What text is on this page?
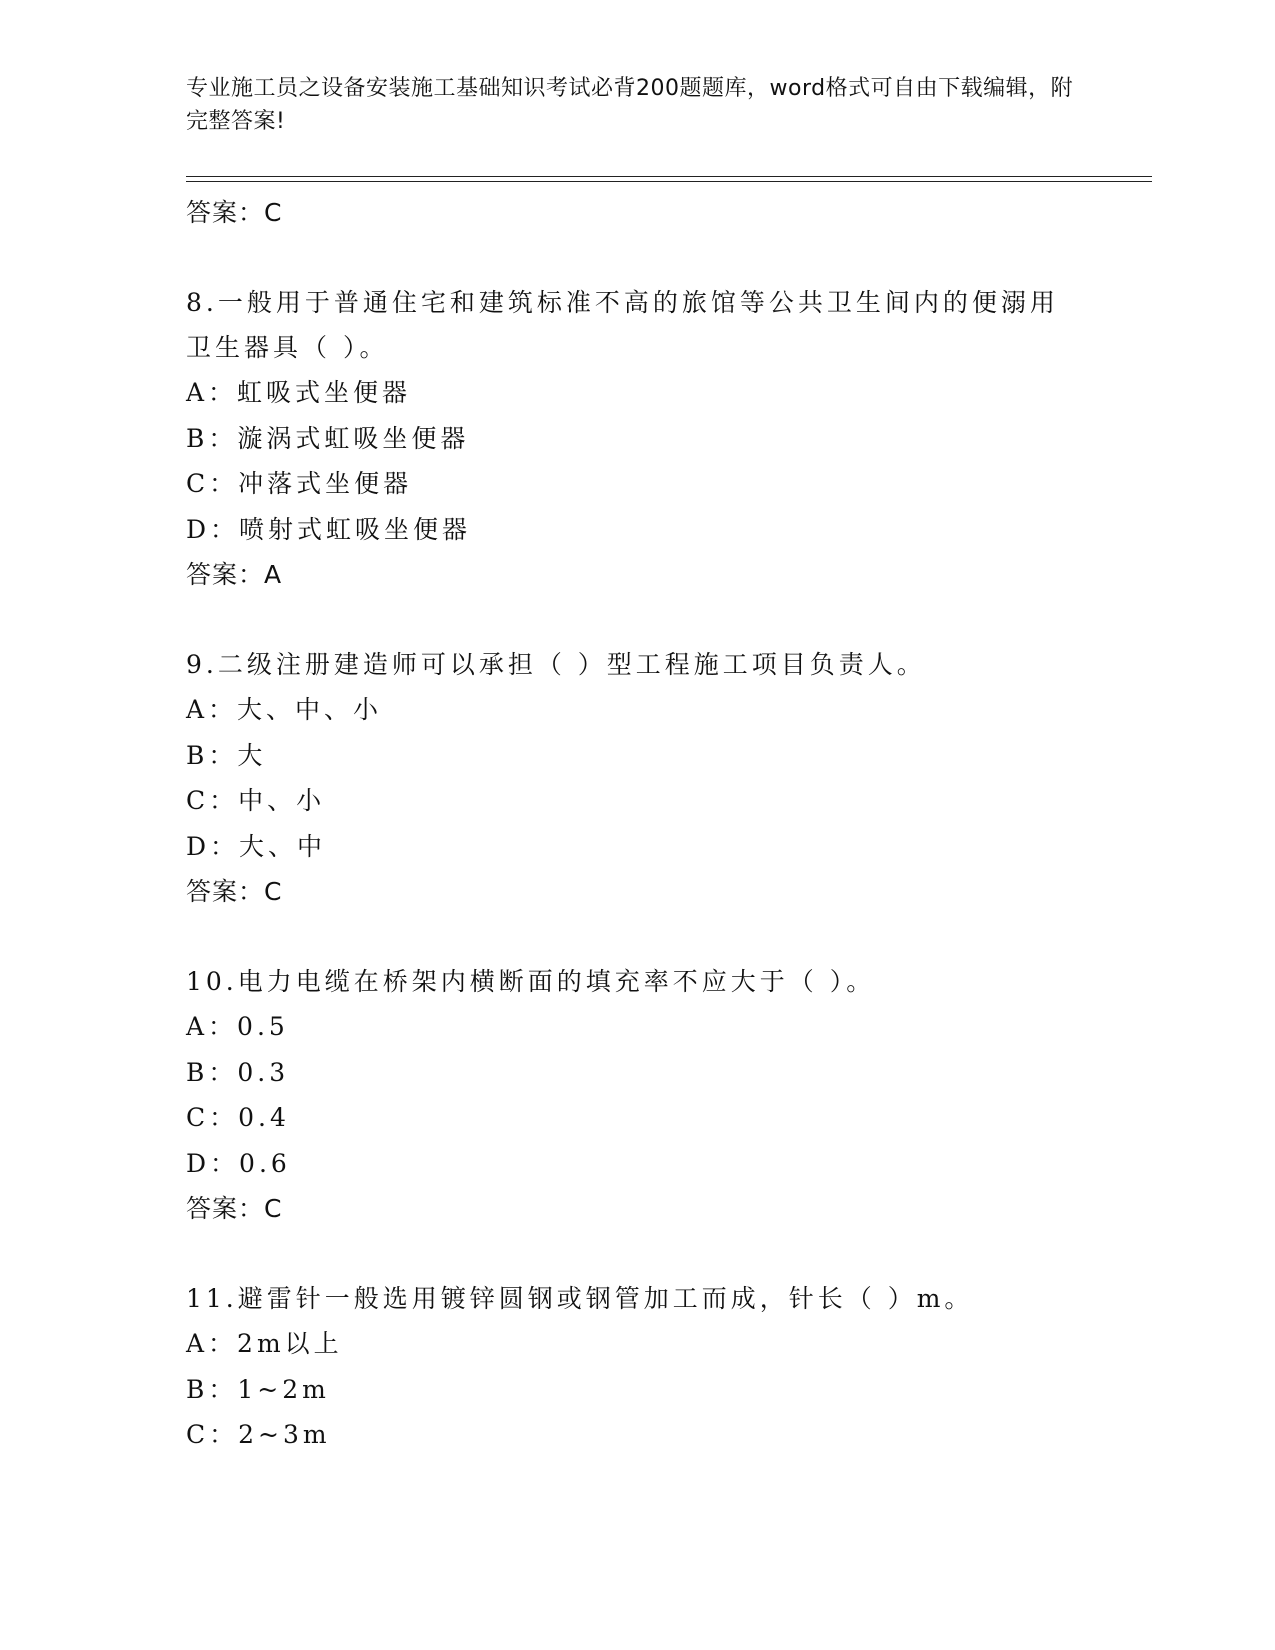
专业施工员之设备安装施工基础知识考试必背200题题库，word格式可自由下载编辑，附完整答案!
答案：C
8.一般用于普通住宅和建筑标准不高的旅馆等公共卫生间内的便溺用卫生器具（ ）。
A：虹吸式坐便器
B：漩涡式虹吸坐便器
C：冲落式坐便器
D：喷射式虹吸坐便器
答案：A
9.二级注册建造师可以承担（ ）型工程施工项目负责人。
A：大、中、小
B：大
C：中、小
D：大、中
答案：C
10.电力电缆在桥架内横断面的填充率不应大于（ ）。
A：0.5
B：0.3
C：0.4
D：0.6
答案：C
11.避雷针一般选用镀锌圆钢或钢管加工而成，针长（ ）m。
A：2m以上
B：1~2m
C：2~3m
